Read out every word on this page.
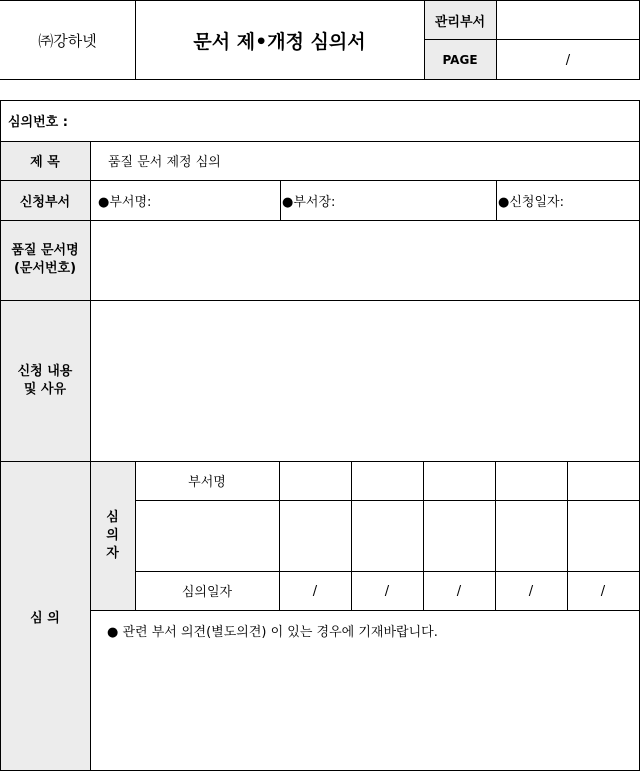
㈜강하넷	문서 제•개정 심의서
관리부서
PAGE	/
심의번호 :
제 목	품질 문서 제정 심의
신청부서	●부서명:	●부서장:	●신청일자:
품질 문서명
(문서번호)
신청 내용
및 사유
심 의
심
의
자
부서명
심의일자	/	/	/	/	/
● 관련 부서 의견(별도의견) 이 있는 경우에 기재바랍니다.
